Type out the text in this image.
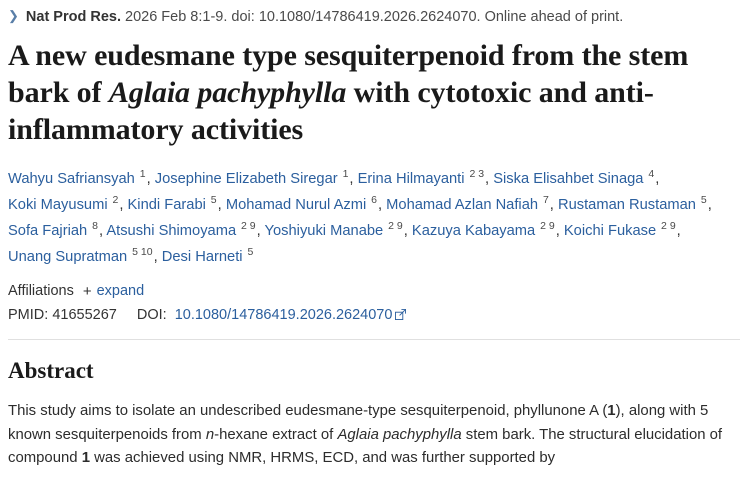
❯ Nat Prod Res. 2026 Feb 8:1-9. doi: 10.1080/14786419.2026.2624070. Online ahead of print.
A new eudesmane type sesquiterpenoid from the stem bark of Aglaia pachyphylla with cytotoxic and anti-inflammatory activities
Wahyu Safriansyah $^1$, Josephine Elizabeth Siregar $^1$, Erina Hilmayanti $^{2 3}$, Siska Elisahbet Sinaga $^4$, Koki Mayusumi $^2$, Kindi Farabi $^5$, Mohamad Nurul Azmi $^6$, Mohamad Azlan Nafiah $^7$, Rustaman Rustaman $^5$, Sofa Fajriah $^8$, Atsushi Shimoyama $^{2 9}$, Yoshiyuki Manabe $^{2 9}$, Kazuya Kabayama $^{2 9}$, Koichi Fukase $^{2 9}$, Unang Supratman $^{5 10}$, Desi Harneti $^5$
Affiliations + expand
PMID: 41655267 DOI: 10.1080/14786419.2026.2624070
Abstract
This study aims to isolate an undescribed eudesmane-type sesquiterpenoid, phyllunone A (1), along with 5 known sesquiterpenoids from n-hexane extract of Aglaia pachyphylla stem bark. The structural elucidation of compound 1 was achieved using NMR, HRMS, ECD, and was further supported by
